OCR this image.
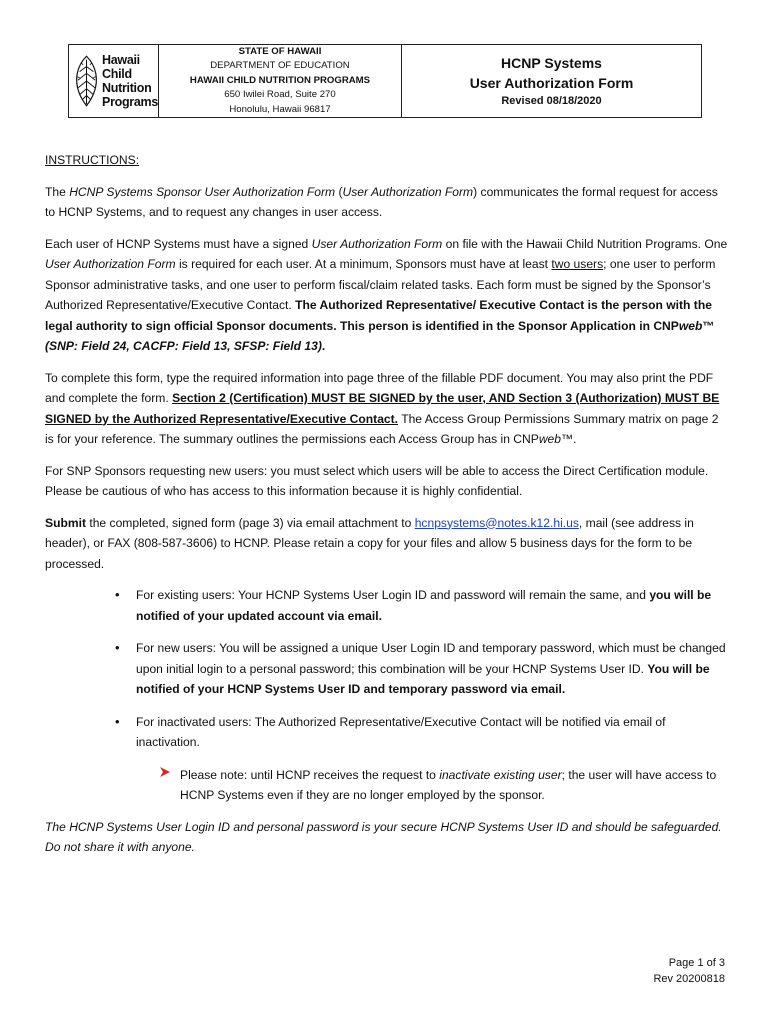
Hawaii
Child
Nutrition
Programs
STATE OF HAWAII
DEPARTMENT OF EDUCATION
HAWAII CHILD NUTRITION PROGRAMS
650 Iwilei Road, Suite 270
Honolulu, Hawaii 96817
HCNP Systems
User Authorization Form
Revised 08/18/2020

INSTRUCTIONS:

The HCNP Systems Sponsor User Authorization Form (User Authorization Form) communicates the formal request for access to HCNP Systems, and to request any changes in user access.

Each user of HCNP Systems must have a signed User Authorization Form on file with the Hawaii Child Nutrition Programs. One User Authorization Form is required for each user. At a minimum, Sponsors must have at least two users; one user to perform Sponsor administrative tasks, and one user to perform fiscal/claim related tasks. Each form must be signed by the Sponsor’s Authorized Representative/Executive Contact. The Authorized Representative/ Executive Contact is the person with the legal authority to sign official Sponsor documents. This person is identified in the Sponsor Application in CNPweb™ (SNP: Field 24, CACFP: Field 13, SFSP: Field 13).

To complete this form, type the required information into page three of the fillable PDF document. You may also print the PDF and complete the form. Section 2 (Certification) MUST BE SIGNED by the user, AND Section 3 (Authorization) MUST BE SIGNED by the Authorized Representative/Executive Contact. The Access Group Permissions Summary matrix on page 2 is for your reference. The summary outlines the permissions each Access Group has in CNPweb™.

For SNP Sponsors requesting new users: you must select which users will be able to access the Direct Certification module. Please be cautious of who has access to this information because it is highly confidential.

Submit the completed, signed form (page 3) via email attachment to hcnpsystems@notes.k12.hi.us, mail (see address in header), or FAX (808-587-3606) to HCNP. Please retain a copy for your files and allow 5 business days for the form to be processed.

• For existing users: Your HCNP Systems User Login ID and password will remain the same, and you will be notified of your updated account via email.
• For new users: You will be assigned a unique User Login ID and temporary password, which must be changed upon initial login to a personal password; this combination will be your HCNP Systems User ID. You will be notified of your HCNP Systems User ID and temporary password via email.
• For inactivated users: The Authorized Representative/Executive Contact will be notified via email of inactivation.

Please note: until HCNP receives the request to inactivate existing user; the user will have access to HCNP Systems even if they are no longer employed by the sponsor.

The HCNP Systems User Login ID and personal password is your secure HCNP Systems User ID and should be safeguarded. Do not share it with anyone.

Page 1 of 3
Rev 20200818
